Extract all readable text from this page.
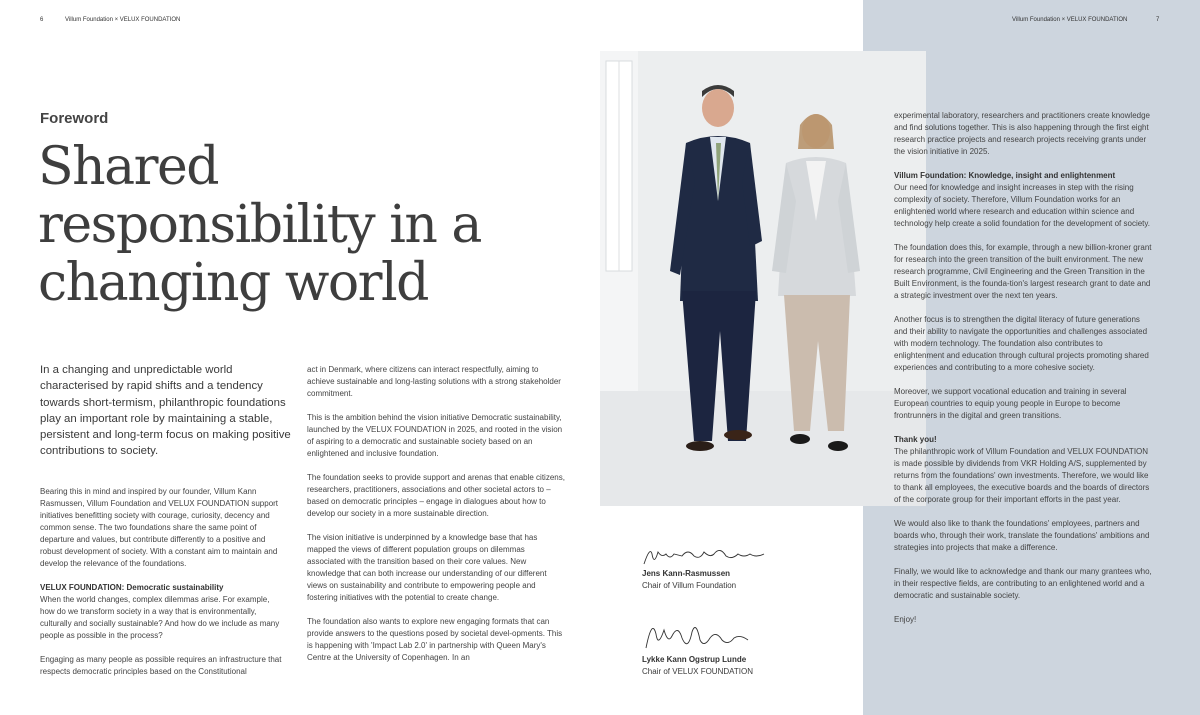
6	Villum Foundation × VELUX FOUNDATION	Villum Foundation × VELUX FOUNDATION	7
Foreword
Shared
responsibility in a
changing world
In a changing and unpredictable world characterised by rapid shifts and a tendency towards short-termism, philanthropic foundations play an important role by maintaining a stable, persistent and long-term focus on making positive contributions to society.

Bearing this in mind and inspired by our founder, Villum Kann Rasmussen, Villum Foundation and VELUX FOUNDATION support initiatives benefitting society with courage, curiosity, decency and common sense. The two foundations share the same point of departure and values, but contribute differently to a positive and robust development of society. With a constant aim to maintain and develop the relevance of the foundations.

VELUX FOUNDATION: Democratic sustainability

When the world changes, complex dilemmas arise. For example, how do we transform society in a way that is environmentally, culturally and socially sustainable? And how do we include as many people as possible in the process?

Engaging as many people as possible requires an infrastructure that respects democratic principles based on the Constitutional

act in Denmark, where citizens can interact respectfully, aiming to achieve sustainable and long-lasting solutions with a strong stakeholder commitment.

This is the ambition behind the vision initiative Democratic sustainability, launched by the VELUX FOUNDATION in 2025, and rooted in the vision of aspiring to a democratic and sustainable society based on an enlightened and inclusive foundation.

The foundation seeks to provide support and arenas that enable citizens, researchers, practitioners, associations and other societal actors to – based on democratic principles – engage in dialogues about how to develop our society in a more sustainable direction.

The vision initiative is underpinned by a knowledge base that has mapped the views of different population groups on dilemmas associated with the transition based on their core values. New knowledge that can both increase our understanding of our different views on sustainability and contribute to empowering people and fostering initiatives with the potential to create change.

The foundation also wants to explore new engaging formats that can provide answers to the questions posed by societal devel-opments. This is happening with 'Impact Lab 2.0' in partnership with Queen Mary's Centre at the University of Copenhagen. In an

Jens Kann-Rasmussen
Chair of Villum Foundation
Lykke Kann Ogstrup Lunde
Chair of VELUX FOUNDATION

experimental laboratory, researchers and practitioners create knowledge and find solutions together. This is also happening through the first eight research practice projects and research projects receiving grants under the vision initiative in 2025.

Villum Foundation: Knowledge, insight and enlightenment

Our need for knowledge and insight increases in step with the rising complexity of society. Therefore, Villum Foundation works for an enlightened world where research and education within science and technology help create a solid foundation for the development of society.

The foundation does this, for example, through a new billion-kroner grant for research into the green transition of the built environment. The new research programme, Civil Engineering and the Green Transition in the Built Environment, is the founda-tion's largest research grant to date and a strategic investment over the next ten years.

Another focus is to strengthen the digital literacy of future generations and their ability to navigate the opportunities and challenges associated with modern technology. The foundation also contributes to enlightenment and education through cultural projects promoting shared experiences and contributing to a more cohesive society.

Moreover, we support vocational education and training in several European countries to equip young people in Europe to become frontrunners in the digital and green transitions.

Thank you!

The philanthropic work of Villum Foundation and VELUX FOUNDATION is made possible by dividends from VKR Holding A/S, supplemented by returns from the foundations' own investments. Therefore, we would like to thank all employees, the executive boards and the boards of directors of the corporate group for their important efforts in the past year.

We would also like to thank the foundations' employees, partners and boards who, through their work, translate the foundations' ambitions and strategies into projects that make a difference.

Finally, we would like to acknowledge and thank our many grantees who, in their respective fields, are contributing to an enlightened world and a democratic and sustainable society.

Enjoy!
